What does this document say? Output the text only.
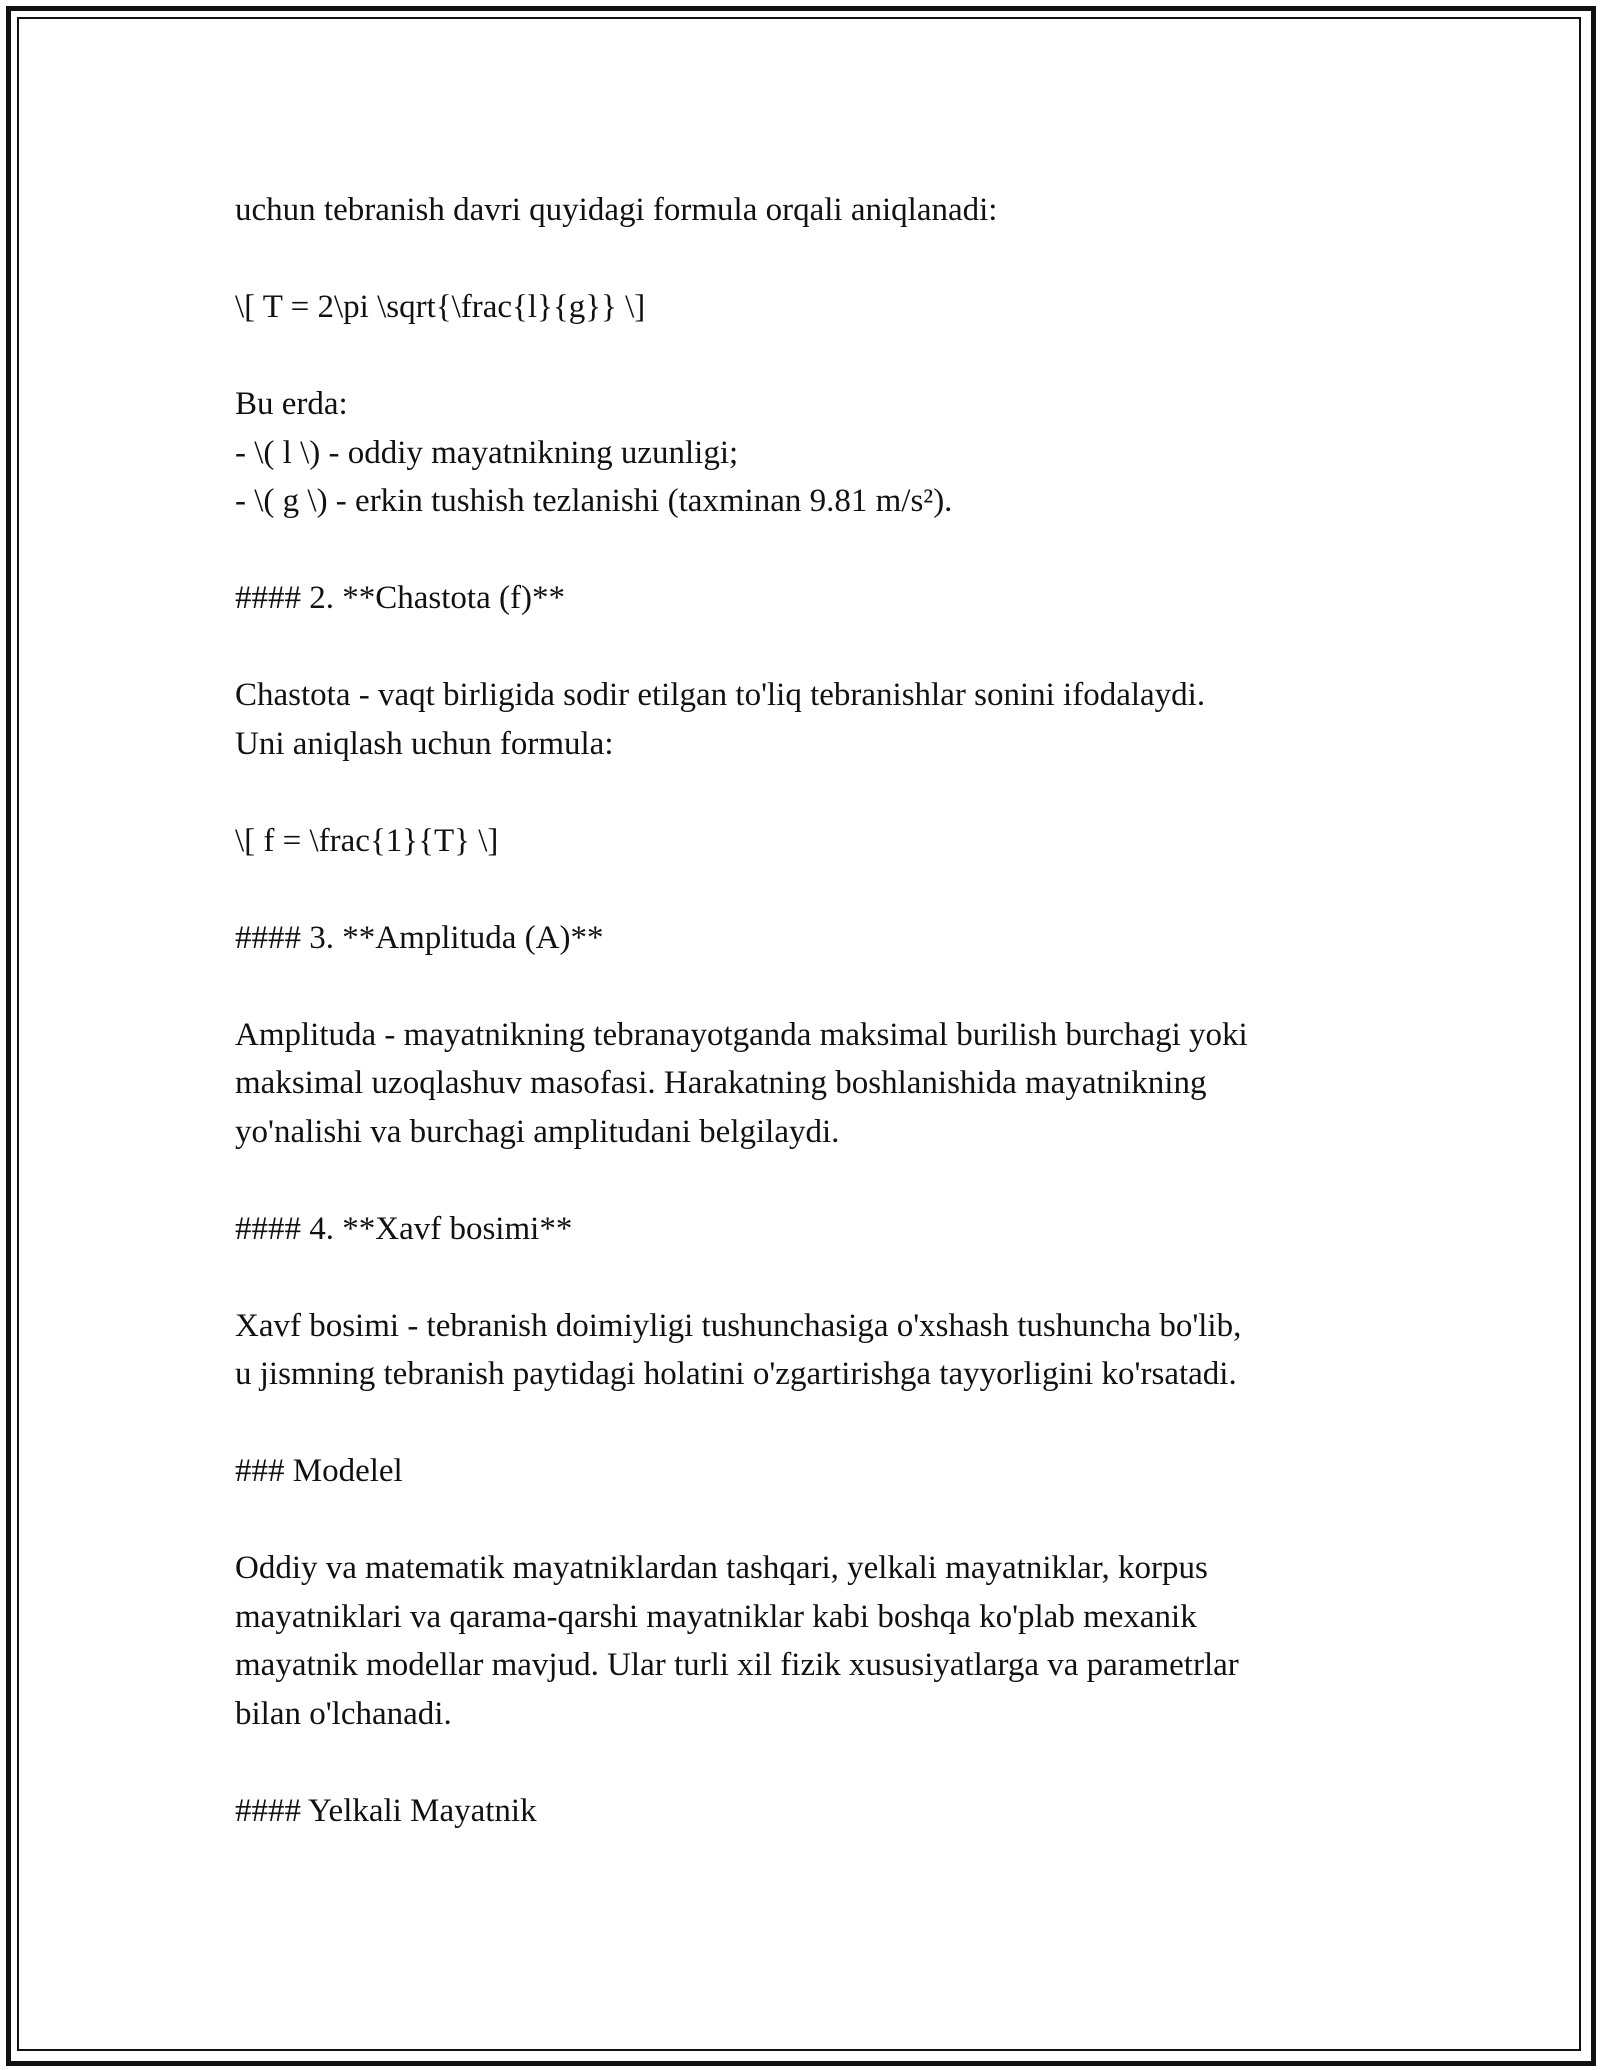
uchun tebranish davri quyidagi formula orqali aniqlanadi:
\[ T = 2\pi \sqrt{\frac{l}{g}} \]
Bu erda:
- \( l \) - oddiy mayatnikning uzunligi;
- \( g \) - erkin tushish tezlanishi (taxminan 9.81 m/s²).
#### 2. **Chastota (f)**
Chastota - vaqt birligida sodir etilgan to'liq tebranishlar sonini ifodalaydi.
Uni aniqlash uchun formula:
\[ f = \frac{1}{T} \]
#### 3. **Amplituda (A)**
Amplituda - mayatnikning tebranayotganda maksimal burilish burchagi yoki
maksimal uzoqlashuv masofasi. Harakatning boshlanishida mayatnikning
yo'nalishi va burchagi amplitudani belgilaydi.
#### 4. **Xavf bosimi**
Xavf bosimi - tebranish doimiyligi tushunchasiga o'xshash tushuncha bo'lib,
u jismning tebranish paytidagi holatini o'zgartirishga tayyorligini ko'rsatadi.
### Modelel
Oddiy va matematik mayatniklardan tashqari, yelkali mayatniklar, korpus
mayatniklari va qarama-qarshi mayatniklar kabi boshqa ko'plab mexanik
mayatnik modellar mavjud. Ular turli xil fizik xususiyatlarga va parametrlar
bilan o'lchanadi.
#### Yelkali Mayatnik
